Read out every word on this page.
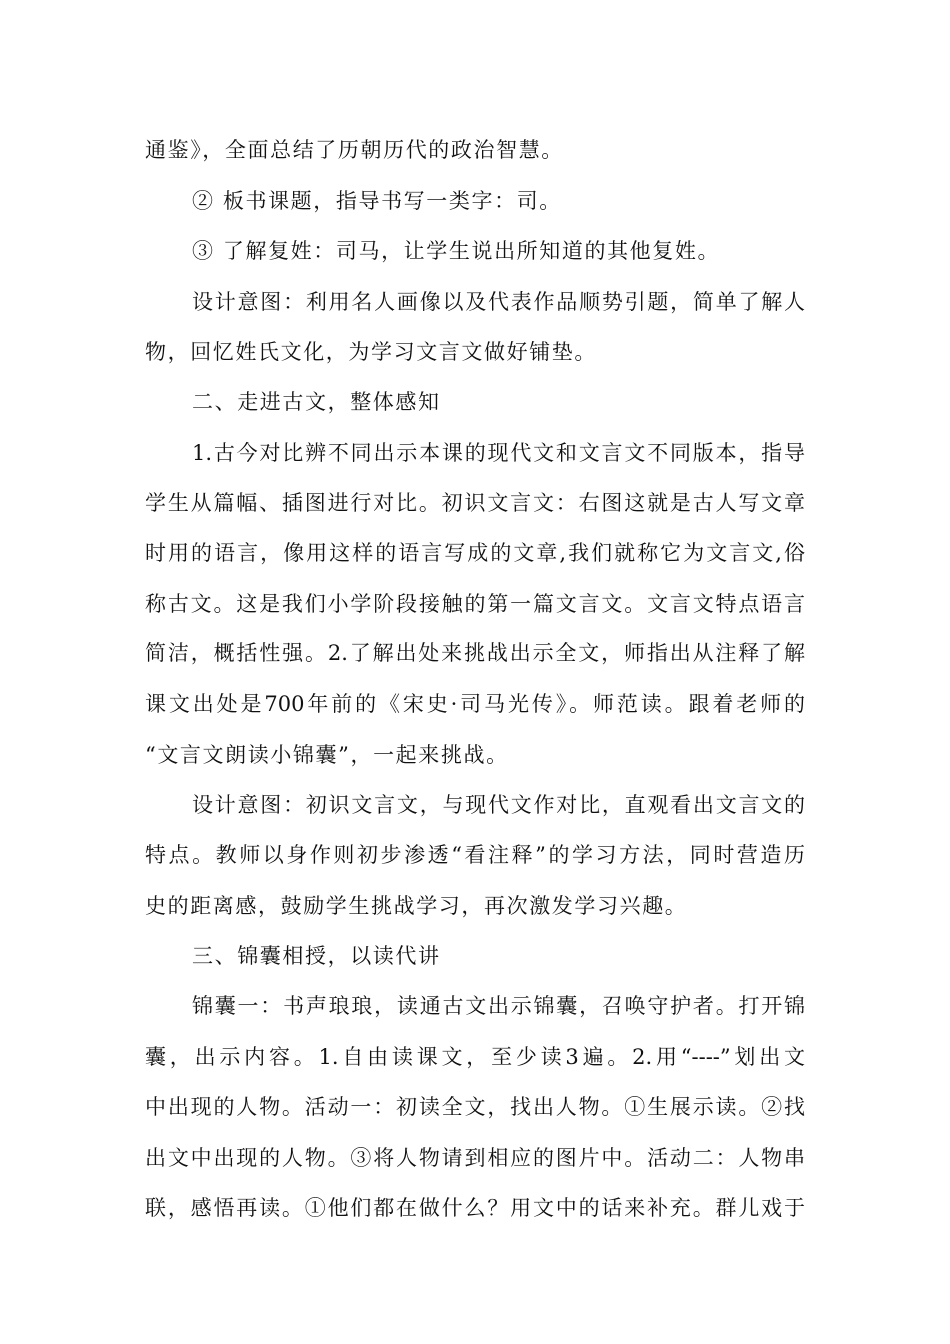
通鉴》，全面总结了历朝历代的政治智慧。
② 板书课题，指导书写一类字：司。
③ 了解复姓：司马，让学生说出所知道的其他复姓。
设计意图：利用名人画像以及代表作品顺势引题，简单了解人
物，回忆姓氏文化，为学习文言文做好铺垫。
二、走进古文，整体感知
1.古今对比辨不同出示本课的现代文和文言文不同版本，指导
学生从篇幅、插图进行对比。初识文言文：右图这就是古人写文章
时用的语言，像用这样的语言写成的文章,我们就称它为文言文,俗
称古文。这是我们小学阶段接触的第一篇文言文。文言文特点语言
简洁，概括性强。2.了解出处来挑战出示全文，师指出从注释了解
课文出处是700年前的《宋史·司马光传》。师范读。跟着老师的
“文言文朗读小锦囊”，一起来挑战。
设计意图：初识文言文，与现代文作对比，直观看出文言文的
特点。教师以身作则初步渗透“看注释”的学习方法，同时营造历
史的距离感，鼓励学生挑战学习，再次激发学习兴趣。
三、锦囊相授，以读代讲
锦囊一：书声琅琅，读通古文出示锦囊，召唤守护者。打开锦
囊，出示内容。1.自由读课文，至少读3遍。2.用“----”划出文
中出现的人物。活动一：初读全文，找出人物。①生展示读。②找
出文中出现的人物。③将人物请到相应的图片中。活动二：人物串
联，感悟再读。①他们都在做什么？用文中的话来补充。群儿戏于
